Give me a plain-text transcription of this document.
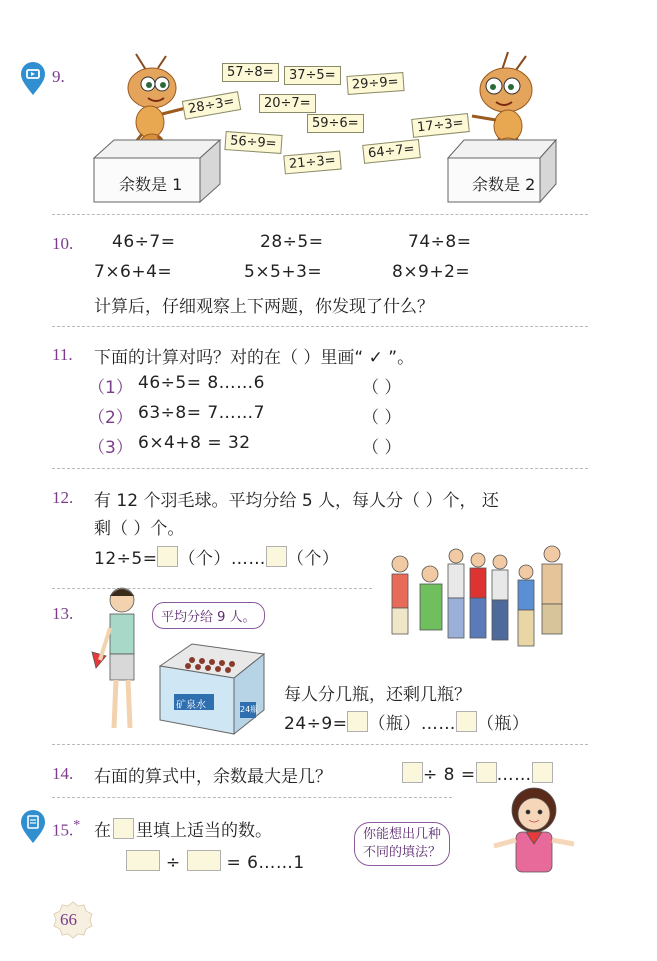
9.
余数是 1	余数是 2
57÷8=	37÷5=	29÷9=
28÷3=	20÷7=
59÷6=	17÷3=
56÷9=
21÷3=
64÷7=
10. 46÷7=	28÷5=	74÷8=
7×6+4=	5×5+3=	8×9+2=
计算后，仔细观察上下两题，你发现了什么？
11. 下面的计算对吗？对的在（ ）里画“ ✓ ”。
（1） 46÷5= 8……6	（ ）
（2） 63÷8= 7……7	（ ）
（3） 6×4+8 = 32	（ ）
12. 有 12 个羽毛球。平均分给 5 人，每人分（ ）个， 还
剩（ ）个。
12÷5= （个）…… （个）
13.	平均分给 9 人。
矿泉水	24瓶
每人分几瓶，还剩几瓶？
24÷9= （瓶）…… （瓶）
14. 右面的算式中，余数最大是几？	÷ 8 = ……
15.* 在 里填上适当的数。
÷	= 6……1
你能想出几种
不同的填法？
66
